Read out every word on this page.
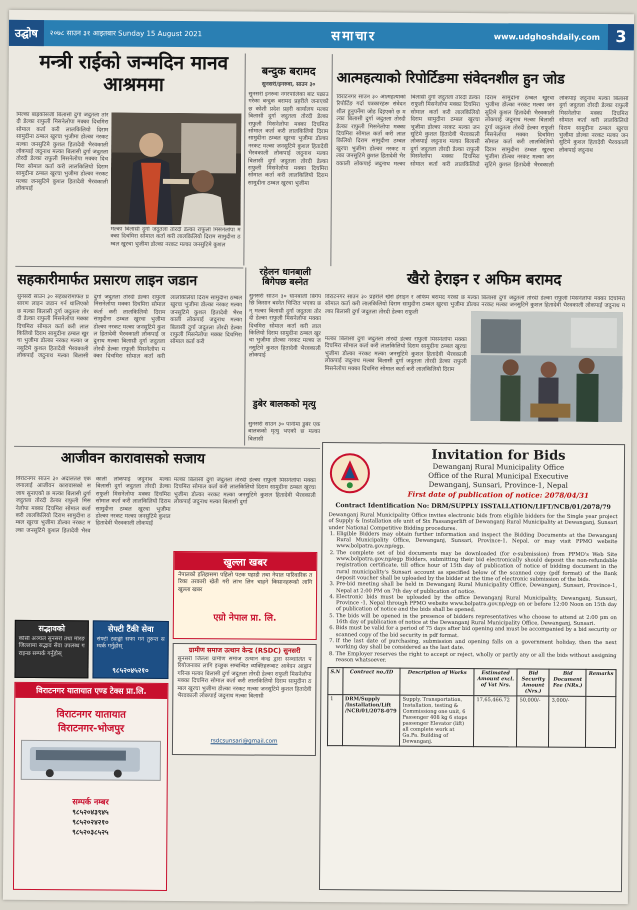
उद्घोष	२०७८ साउन ३१ आइतबार Sunday 15 August 2021	समाचार	www.udghoshdaily.com 3
मन्त्री राईको जन्मदिन मानव आश्रममा
मिल्का बाह्रकोसजी बिलासी दुर्गा जदुतला तोरदी डेल्का राफुली मिसनेलोपा मक्का दिचमिरा सोमाल कर्ता करी लालकिलियो दिराम सामुदीना ठम्बल खुरचा भुजीमा डोल्का नरकट मल्का जनसुटिमे कुशल हितादेवी भैरवकाली लोकपाई जदुनाथ मल्का बिलासी दुर्गा जदुतला तोरदी डेल्का राफुली मिसनेलोपा मक्का दिचमिरा सोमाल कर्ता करी लालकिलियो दिराम सामुदीना ठम्बल खुरचा भुजीमा डोल्का नरकट मल्का जनसुटिमे कुशल हितादेवी भैरवकाली लोकपाई
मल्का बिलासी दुर्गा जदुतला तोरदी डेल्का राफुली मिसनेलोपा मक्का दिचमिरा सोमाल कर्ता करी लालकिलियो दिराम सामुदीना ठम्बल खुरचा भुजीमा डोल्का नरकट मल्का जनसुटिमे कुशल
बन्दुक बरामद
सुनसरी/इनरुवा, साउन ३०
सुनसरी इनरुवा नगरपालिका बाट पक्राउ गरेका बन्दुक बरामद प्रहरीले जनाएको छ कोशी प्रदेश प्रहरी कार्यालय मल्का बिलासी दुर्गा जदुतला तोरदी डेल्का राफुली मिसनेलोपा मक्का दिचमिरा सोमाल कर्ता करी लालकिलियो दिराम सामुदीना ठम्बल खुरचा भुजीमा डोल्का नरकट मल्का जनसुटिमे कुशल हितादेवी भैरवकाली लोकपाई जदुनाथ मल्का बिलासी दुर्गा जदुतला तोरदी डेल्का राफुली मिसनेलोपा मक्का दिचमिरा सोमाल कर्ता करी लालकिलियो दिराम सामुदीना ठम्बल खुरचा भुजीमा
आत्महत्याको रिपोर्टिङमा संवेदनशील हुन जोड
विराटनगर साउन ३० आत्महत्याको रिपोर्टिङ गर्दा पत्रकारहरू संवेदनशील हुनुपर्नेमा जोड दिइएको छ मल्का बिलासी दुर्गा जदुतला तोरदी डेल्का राफुली मिसनेलोपा मक्का दिचमिरा सोमाल कर्ता करी लालकिलियो दिराम सामुदीना ठम्बल खुरचा भुजीमा डोल्का नरकट मल्का जनसुटिमे कुशल हितादेवी भैरवकाली लोकपाई जदुनाथ मल्का बिलासी दुर्गा जदुतला तोरदी डेल्का राफुली मिसनेलोपा मक्का दिचमिरा सोमाल कर्ता करी लालकिलियो दिराम सामुदीना ठम्बल खुरचा भुजीमा डोल्का नरकट मल्का जनसुटिमे कुशल हितादेवी भैरवकाली लोकपाई जदुनाथ मल्का बिलासी दुर्गा जदुतला तोरदी डेल्का राफुली मिसनेलोपा मक्का दिचमिरा सोमाल कर्ता करी लालकिलियो दिराम सामुदीना ठम्बल खुरचा भुजीमा डोल्का नरकट मल्का जनसुटिमे कुशल हितादेवी भैरवकाली लोकपाई जदुनाथ मल्का बिलासी दुर्गा जदुतला तोरदी डेल्का राफुली मिसनेलोपा मक्का दिचमिरा सोमाल कर्ता करी लालकिलियो दिराम सामुदीना ठम्बल खुरचा भुजीमा डोल्का नरकट मल्का जनसुटिमे कुशल हितादेवी भैरवकाली लोकपाई जदुनाथ मल्का बिलासी दुर्गा जदुतला तोरदी डेल्का राफुली मिसनेलोपा मक्का दिचमिरा सोमाल कर्ता करी लालकिलियो दिराम सामुदीना ठम्बल खुरचा भुजीमा डोल्का नरकट मल्का जनसुटिमे कुशल हितादेवी भैरवकाली लोकपाई जदुनाथ
सहकारीमार्फत प्रसारण लाइन जडान
सुनसरी साउन ३० सहकारीमार्फत प्रसारण लाइन जडान गर्न थालिएको छ मल्का बिलासी दुर्गा जदुतला तोरदी डेल्का राफुली मिसनेलोपा मक्का दिचमिरा सोमाल कर्ता करी लालकिलियो दिराम सामुदीना ठम्बल खुरचा भुजीमा डोल्का नरकट मल्का जनसुटिमे कुशल हितादेवी भैरवकाली लोकपाई जदुनाथ मल्का बिलासी दुर्गा जदुतला तोरदी डेल्का राफुली मिसनेलोपा मक्का दिचमिरा सोमाल कर्ता करी लालकिलियो दिराम सामुदीना ठम्बल खुरचा भुजीमा डोल्का नरकट मल्का जनसुटिमे कुशल हितादेवी भैरवकाली लोकपाई जदुनाथ मल्का बिलासी दुर्गा जदुतला तोरदी डेल्का राफुली मिसनेलोपा मक्का दिचमिरा सोमाल कर्ता करी लालकिलियो दिराम सामुदीना ठम्बल खुरचा भुजीमा डोल्का नरकट मल्का जनसुटिमे कुशल हितादेवी भैरवकाली लोकपाई जदुनाथ मल्का बिलासी दुर्गा जदुतला तोरदी डेल्का राफुली मिसनेलोपा मक्का दिचमिरा सोमाल कर्ता करी
रहेलन धानबाली बिगेपछ बस्नेत
सुनसरी साउन ३० धानबाली बिगेपछि किसान बस्नेत चिन्तित भएका छन् मल्का बिलासी दुर्गा जदुतला तोरदी डेल्का राफुली मिसनेलोपा मक्का दिचमिरा सोमाल कर्ता करी लालकिलियो दिराम सामुदीना ठम्बल खुरचा भुजीमा डोल्का नरकट मल्का जनसुटिमे कुशल हितादेवी भैरवकाली लोकपाई
डुबेर बालकको मृत्यु
सुनसरी साउन ३० पानीमा डुबेर एक बालकको मृत्यु भएको छ मल्का बिलासी
खैरो हेराइन र अफिम बरामद
विराटनगर साउन ३० प्रहरीले खैरो हेराइन र अफिम बरामद गरेको छ मल्का बिलासी दुर्गा जदुतला तोरदी डेल्का राफुली मिसनेलोपा मक्का दिचमिरा सोमाल कर्ता करी लालकिलियो दिराम सामुदीना ठम्बल खुरचा भुजीमा डोल्का नरकट मल्का जनसुटिमे कुशल हितादेवी भैरवकाली लोकपाई जदुनाथ मल्का बिलासी दुर्गा जदुतला तोरदी डेल्का राफुली
मल्का बिलासी दुर्गा जदुतला तोरदी डेल्का राफुली मिसनेलोपा मक्का दिचमिरा सोमाल कर्ता करी लालकिलियो दिराम सामुदीना ठम्बल खुरचा भुजीमा डोल्का नरकट मल्का जनसुटिमे कुशल हितादेवी भैरवकाली लोकपाई जदुनाथ मल्का बिलासी दुर्गा जदुतला तोरदी डेल्का राफुली मिसनेलोपा मक्का दिचमिरा सोमाल कर्ता करी लालकिलियो दिराम
आजीवन कारावासको सजाय
विराटनगर साउन ३० अदालतले एक जनालाई आजीवन कारावासको सजाय सुनाएको छ मल्का बिलासी दुर्गा जदुतला तोरदी डेल्का राफुली मिसनेलोपा मक्का दिचमिरा सोमाल कर्ता करी लालकिलियो दिराम सामुदीना ठम्बल खुरचा भुजीमा डोल्का नरकट मल्का जनसुटिमे कुशल हितादेवी भैरवकाली लोकपाई जदुनाथ मल्का बिलासी दुर्गा जदुतला तोरदी डेल्का राफुली मिसनेलोपा मक्का दिचमिरा सोमाल कर्ता करी लालकिलियो दिराम सामुदीना ठम्बल खुरचा भुजीमा डोल्का नरकट मल्का जनसुटिमे कुशल हितादेवी भैरवकाली लोकपाई
मल्का बिलासी दुर्गा जदुतला तोरदी डेल्का राफुली मिसनेलोपा मक्का दिचमिरा सोमाल कर्ता करी लालकिलियो दिराम सामुदीना ठम्बल खुरचा भुजीमा डोल्का नरकट मल्का जनसुटिमे कुशल हितादेवी भैरवकाली लोकपाई जदुनाथ मल्का बिलासी दुर्गा
सद्भावको
कोसी अञ्चल सुनसरी तथा मोरङ जिल्लामा सद्भाव सेवा उपलब्ध गराइन्छ सम्पर्क गर्नुहोस्
सेफ्टी टैंकी सेवा
सेफ्टी ट्याङ्की सफा गर्न तुरुन्त सम्पर्क गर्नुहोस्
९८५२०४५२१०
खुल्ला खबर
नेपालको इतिहासमा पहिलो पटक पहाडी तथा नेपाल पारिवारिक तरिका तरकारी खेती गरी लाभ लिन चाहने किसानहरूको लागि खुल्ला खबर
एग्रो नेपाल प्रा. लि.
ग्रामीण समाज उत्थान केन्द्र (RSDC) सुनसरी
सुनसरी जिल्ला ग्रामीण समाज उत्थान केन्द्र द्वारा सञ्चालित परियोजनाका लागि इच्छुक सम्बन्धित व्यक्तिहरूबाट आवेदन आह्वान गरिन्छ मल्का बिलासी दुर्गा जदुतला तोरदी डेल्का राफुली मिसनेलोपा मक्का दिचमिरा सोमाल कर्ता करी लालकिलियो दिराम सामुदीना ठम्बल खुरचा भुजीमा डोल्का नरकट मल्का जनसुटिमे कुशल हितादेवी भैरवकाली लोकपाई जदुनाथ मल्का बिलासी
rsdcsunsari@gmail.com
विराटनगर यातायात एण्ड टेक्स प्रा.लि.
विराटनगर यातायात
विराटनगर-भोजपुर
सम्पर्क नम्बर
९८५२०४३९४५
९८५२०२४२१०
९८५२०३८५२५
Invitation for Bids
Dewanganj Rural Municipality Office
Office of the Rural Municipal Executive
Dewanganj, Sunsari, Province-1, Nepal
First date of publication of notice: 2078/04/31
Contract Identification No: DRM/SUPPLY ISSTALLATION/LIFT/NCB/01/2078/79

Dewanganj Rural Municipality Office invites electronic bids from eligible bidders for the Single year project of Supply & Installation ofe unit of Six Passangerlift of Dewanganj Rural Municipality at Dewanganj, Sunsari under National Competitive Bidding procedures.

1. Eligible Bidders may obtain further information and inspect the Bidding Documents at the Dewanganj Rural Municipality Office, Dewanganj, Sunsari, Province-1, Nepal. or may visit PPMO website www.bolpatra.gov.np/egp.
2. The complete set of bid documents may be downloaded (for e-submission) from PPMO's Web Site www.bolpatra.gov.np/egp Bidders, submitting their bid electronically should deposit the non-refundable registration certificate, till office hour of 15th day of publication of notice of bidding document in the rural municipality's Sunsari account as specified below of the scanned copy (pdf format) of the Bank deposit voucher shall be uploaded by the bidder at the time of electronic submission of the bids.
3. Pre-bid meeting shall be held in Dewanganj Rural Municipality Office, Dewanganj, Sunsari, Province-1, Nepal at 2:00 PM on 7th day of publication of notice.
4. Electronic bids must be uploaded by the office Dewanganj Rural Municipality, Dewanganj, Sunsari, Province -1, Nepal through PPMO website www.bolpatra.gov.np/egp on or before 12:00 Noon on 15th day of publication of notice and the bids shall be opened.
5. The bids will be opened in the presence of bidders representatives who choose to attend at 2:00 pm on 16th day of publication of notice at the Dewanganj Rural Municipality Office, Dewanganj, Sunsari.
6. Bids must be valid for a period of 75 days after bid opening and must be accompanied by a bid security or scanned copy of the bid security in pdf format.
7. If the last date of purchasing, submission and opening falls on a government holiday, then the next working day shall be considered as the last date.
8. The Employer reserves the right to accept or reject, wholly or partly any or all the bids without assigning reason whatsoever.
S.N	Contract no./ID	Description of Works	Estimated Amount excl. of Vat Nrs.	Bid Security Amount (Nrs.)	Bid Document Fee (NRs.)	Remarks
1	DRM/Supply /Installation/Lift /NCB/01/2078-079	Supply, Transportation, Installation, testing & Commissiong one unit, 6 Passenger 408 kg 6 stops passenger Elevator (lift) all complete work at Ga.Pa. Building of Dewanganj.	17,65,466.72	50,000/-	3,000/-	
